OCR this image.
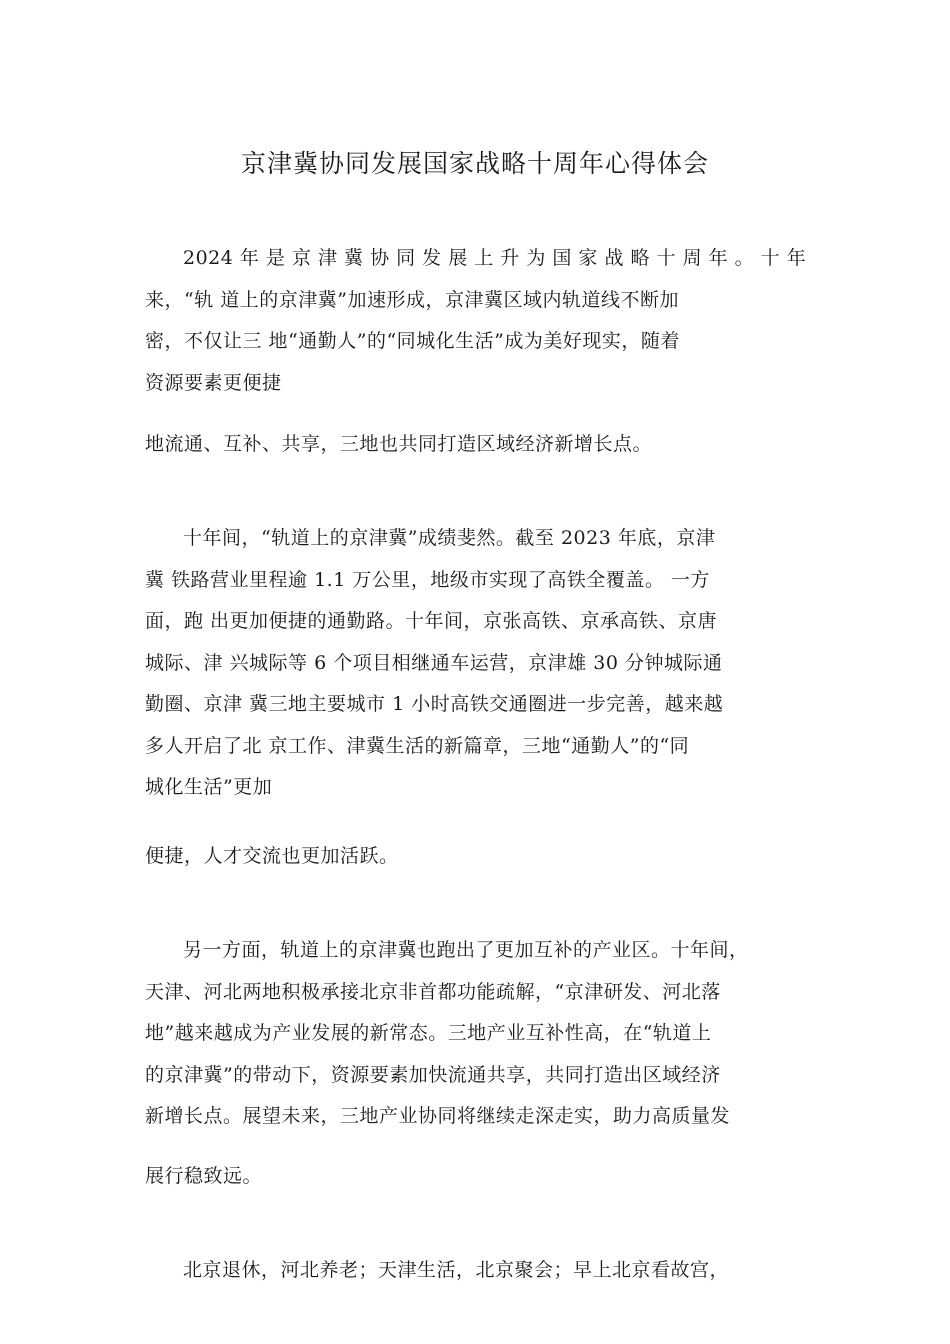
京津冀协同发展国家战略十周年心得体会

2024 年 是 京 津 冀 协 同 发 展 上 升 为 国 家 战 略 十 周 年 。 十 年
来，“轨 道上的京津冀”加速形成，京津冀区域内轨道线不断加
密，不仅让三 地“通勤人”的“同城化生活”成为美好现实，随着
资源要素更便捷

地流通、互补、共享，三地也共同打造区域经济新增长点。

十年间，“轨道上的京津冀”成绩斐然。截至 2023 年底，京津
冀 铁路营业里程逾 1.1 万公里，地级市实现了高铁全覆盖。 一方
面，跑 出更加便捷的通勤路。十年间，京张高铁、京承高铁、京唐
城际、津 兴城际等 6 个项目相继通车运营，京津雄 30 分钟城际通
勤圈、京津 冀三地主要城市 1 小时高铁交通圈进一步完善，越来越
多人开启了北 京工作、津冀生活的新篇章，三地“通勤人”的“同
城化生活”更加

便捷，人才交流也更加活跃。

另一方面，轨道上的京津冀也跑出了更加互补的产业区。十年间，
天津、河北两地积极承接北京非首都功能疏解，“京津研发、河北落
地”越来越成为产业发展的新常态。三地产业互补性高，在“轨道上
的京津冀”的带动下，资源要素加快流通共享，共同打造出区域经济
新增长点。展望未来，三地产业协同将继续走深走实，助力高质量发

展行稳致远。

北京退休，河北养老；天津生活，北京聚会；早上北京看故宫，
